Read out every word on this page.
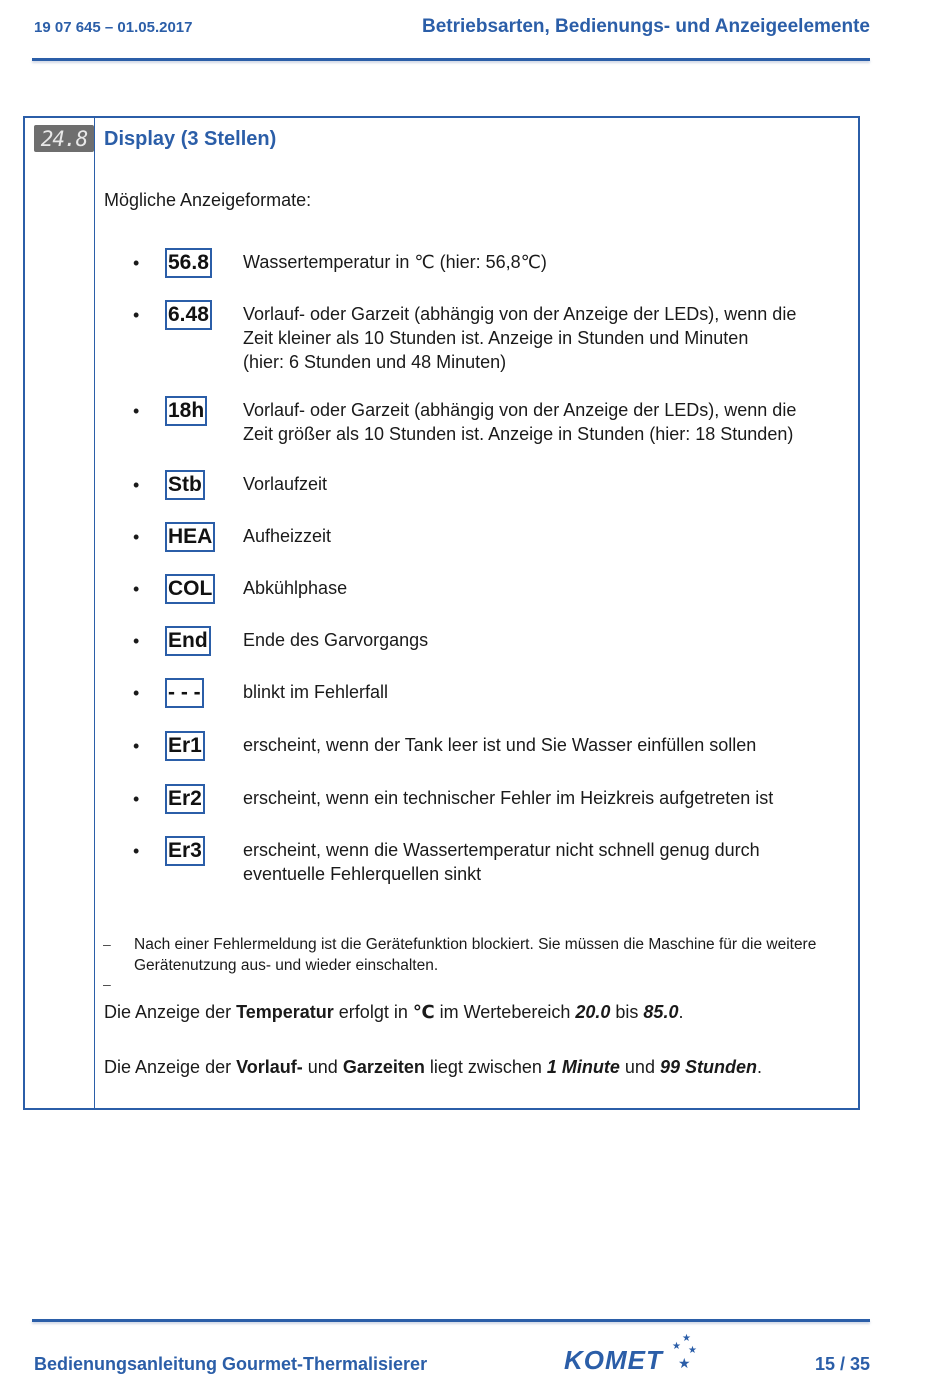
19 07 645 – 01.05.2017	Betriebsarten, Bedienungs- und Anzeigeelemente
24.8 Display (3 Stellen)
Mögliche Anzeigeformate:
• 56.8 Wassertemperatur in ℃ (hier: 56,8℃)
• 6.48 Vorlauf- oder Garzeit (abhängig von der Anzeige der LEDs), wenn die
Zeit kleiner als 10 Stunden ist. Anzeige in Stunden und Minuten
(hier: 6 Stunden und 48 Minuten)
• 18h Vorlauf- oder Garzeit (abhängig von der Anzeige der LEDs), wenn die
Zeit größer als 10 Stunden ist. Anzeige in Stunden (hier: 18 Stunden)
• Stb Vorlaufzeit
• HEA Aufheizzeit
• COL Abkühlphase
• End Ende des Garvorgangs
• - - - blinkt im Fehlerfall
• Er1 erscheint, wenn der Tank leer ist und Sie Wasser einfüllen sollen
• Er2 erscheint, wenn ein technischer Fehler im Heizkreis aufgetreten ist
• Er3 erscheint, wenn die Wassertemperatur nicht schnell genug durch
eventuelle Fehlerquellen sinkt
– Nach einer Fehlermeldung ist die Gerätefunktion blockiert. Sie müssen die Maschine für die weitere Gerätenutzung aus- und wieder einschalten.
–
Die Anzeige der Temperatur erfolgt in ℃ im Wertebereich 20.0 bis 85.0.
Die Anzeige der Vorlauf- und Garzeiten liegt zwischen 1 Minute und 99 Stunden.
Bedienungsanleitung Gourmet-Thermalisierer	KOMET ★
★
★
★	15 / 35
